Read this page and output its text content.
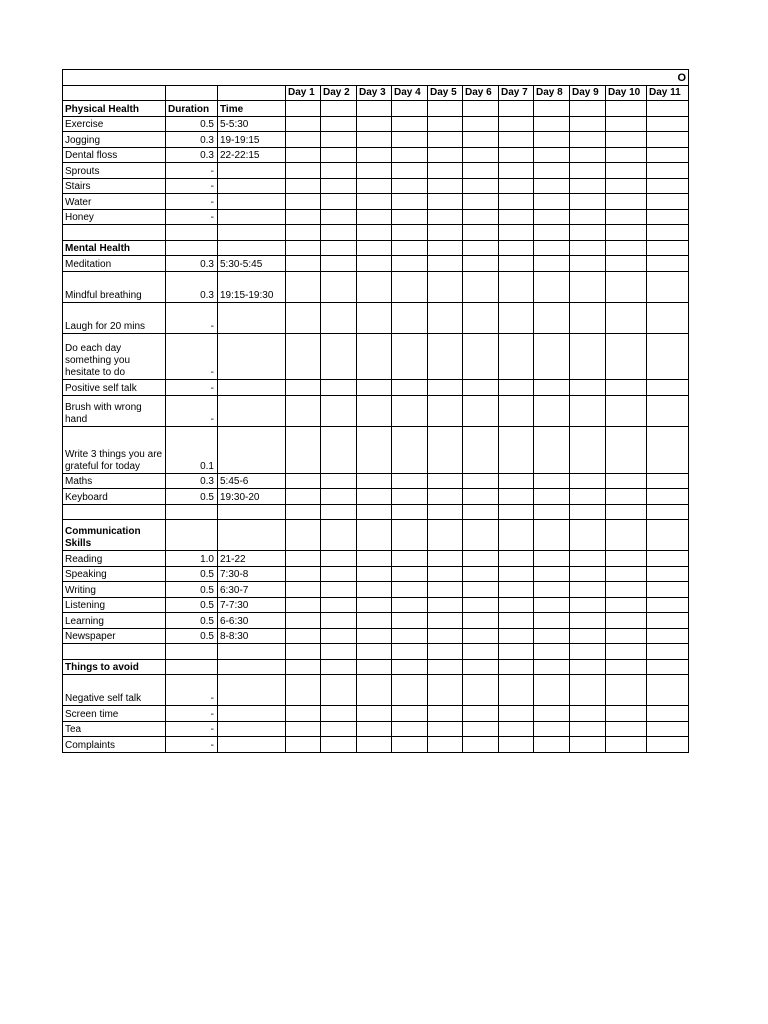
O													
			Day 1	Day 2	Day 3	Day 4	Day 5	Day 6	Day 7	Day 8	Day 9	Day 10	Day 11
Physical Health	Duration	Time											
Exercise	0.5	5-5:30											
Jogging	0.3	19-19:15											
Dental floss	0.3	22-22:15											
Sprouts	-												
Stairs	-												
Water	-												
Honey	-												

Mental Health													
Meditation	0.3	5:30-5:45											
Mindful breathing	0.3	19:15-19:30											
Laugh for 20 mins	-												
Do each day something you hesitate to do	-												
Positive self talk	-												
Brush with wrong hand	-												
Write 3 things you are grateful for today	0.1												
Maths	0.3	5:45-6											
Keyboard	0.5	19:30-20											

Communication Skills													
Reading	1.0	21-22											
Speaking	0.5	7:30-8											
Writing	0.5	6:30-7											
Listening	0.5	7-7:30											
Learning	0.5	6-6:30											
Newspaper	0.5	8-8:30											

Things to avoid													
Negative self talk	-												
Screen time	-												
Tea	-												
Complaints	-												
